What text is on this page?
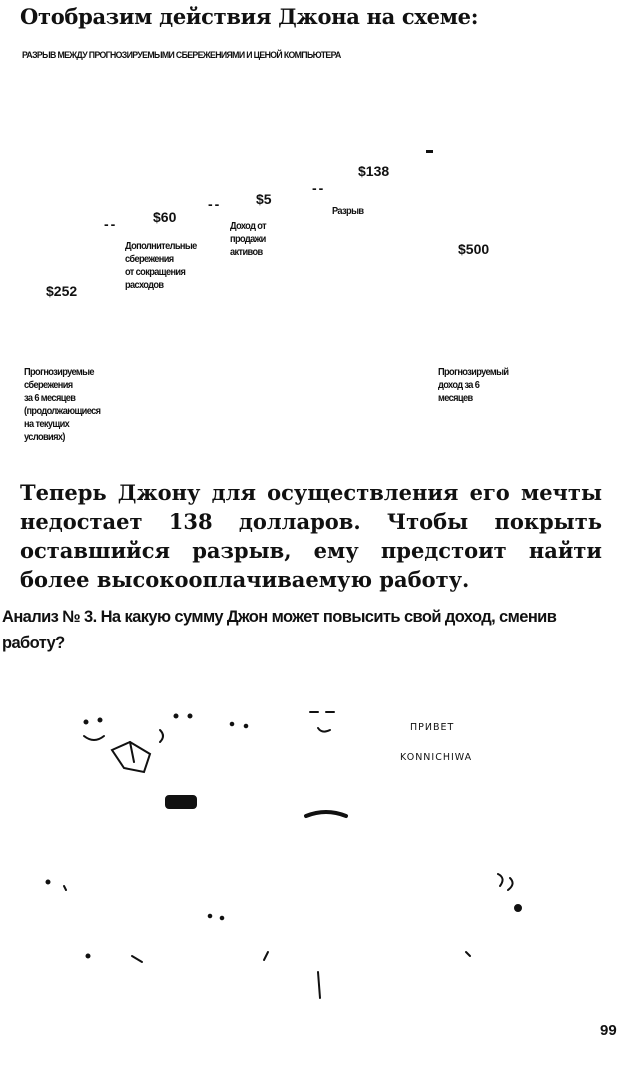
Отобразим действия Джона на схеме:
РАЗРЫВ МЕЖДУ ПРОГНОЗИРУЕМЫМИ СБЕРЕЖЕНИЯМИ И ЦЕНОЙ КОМПЬЮТЕРА
$252
--	$60
Дополнительные
сбережения
от сокращения
расходов
-- $5
Доход от
продажи
активов
--
$138
Разрыв
$500
Прогнозируемые
сбережения
за 6 месяцев
(продолжающиеся
на текущих
условиях)
Прогнозируемый
доход за 6
месяцев
Теперь Джону для осуществления его мечты недостает 138 долларов. Чтобы покрыть оставшийся разрыв, ему предстоит найти более высокооплачиваемую работу.
Анализ № 3. На какую сумму Джон может повысить свой доход, сменив работу?
ПРИВЕТ
KONNICHIWA
99
